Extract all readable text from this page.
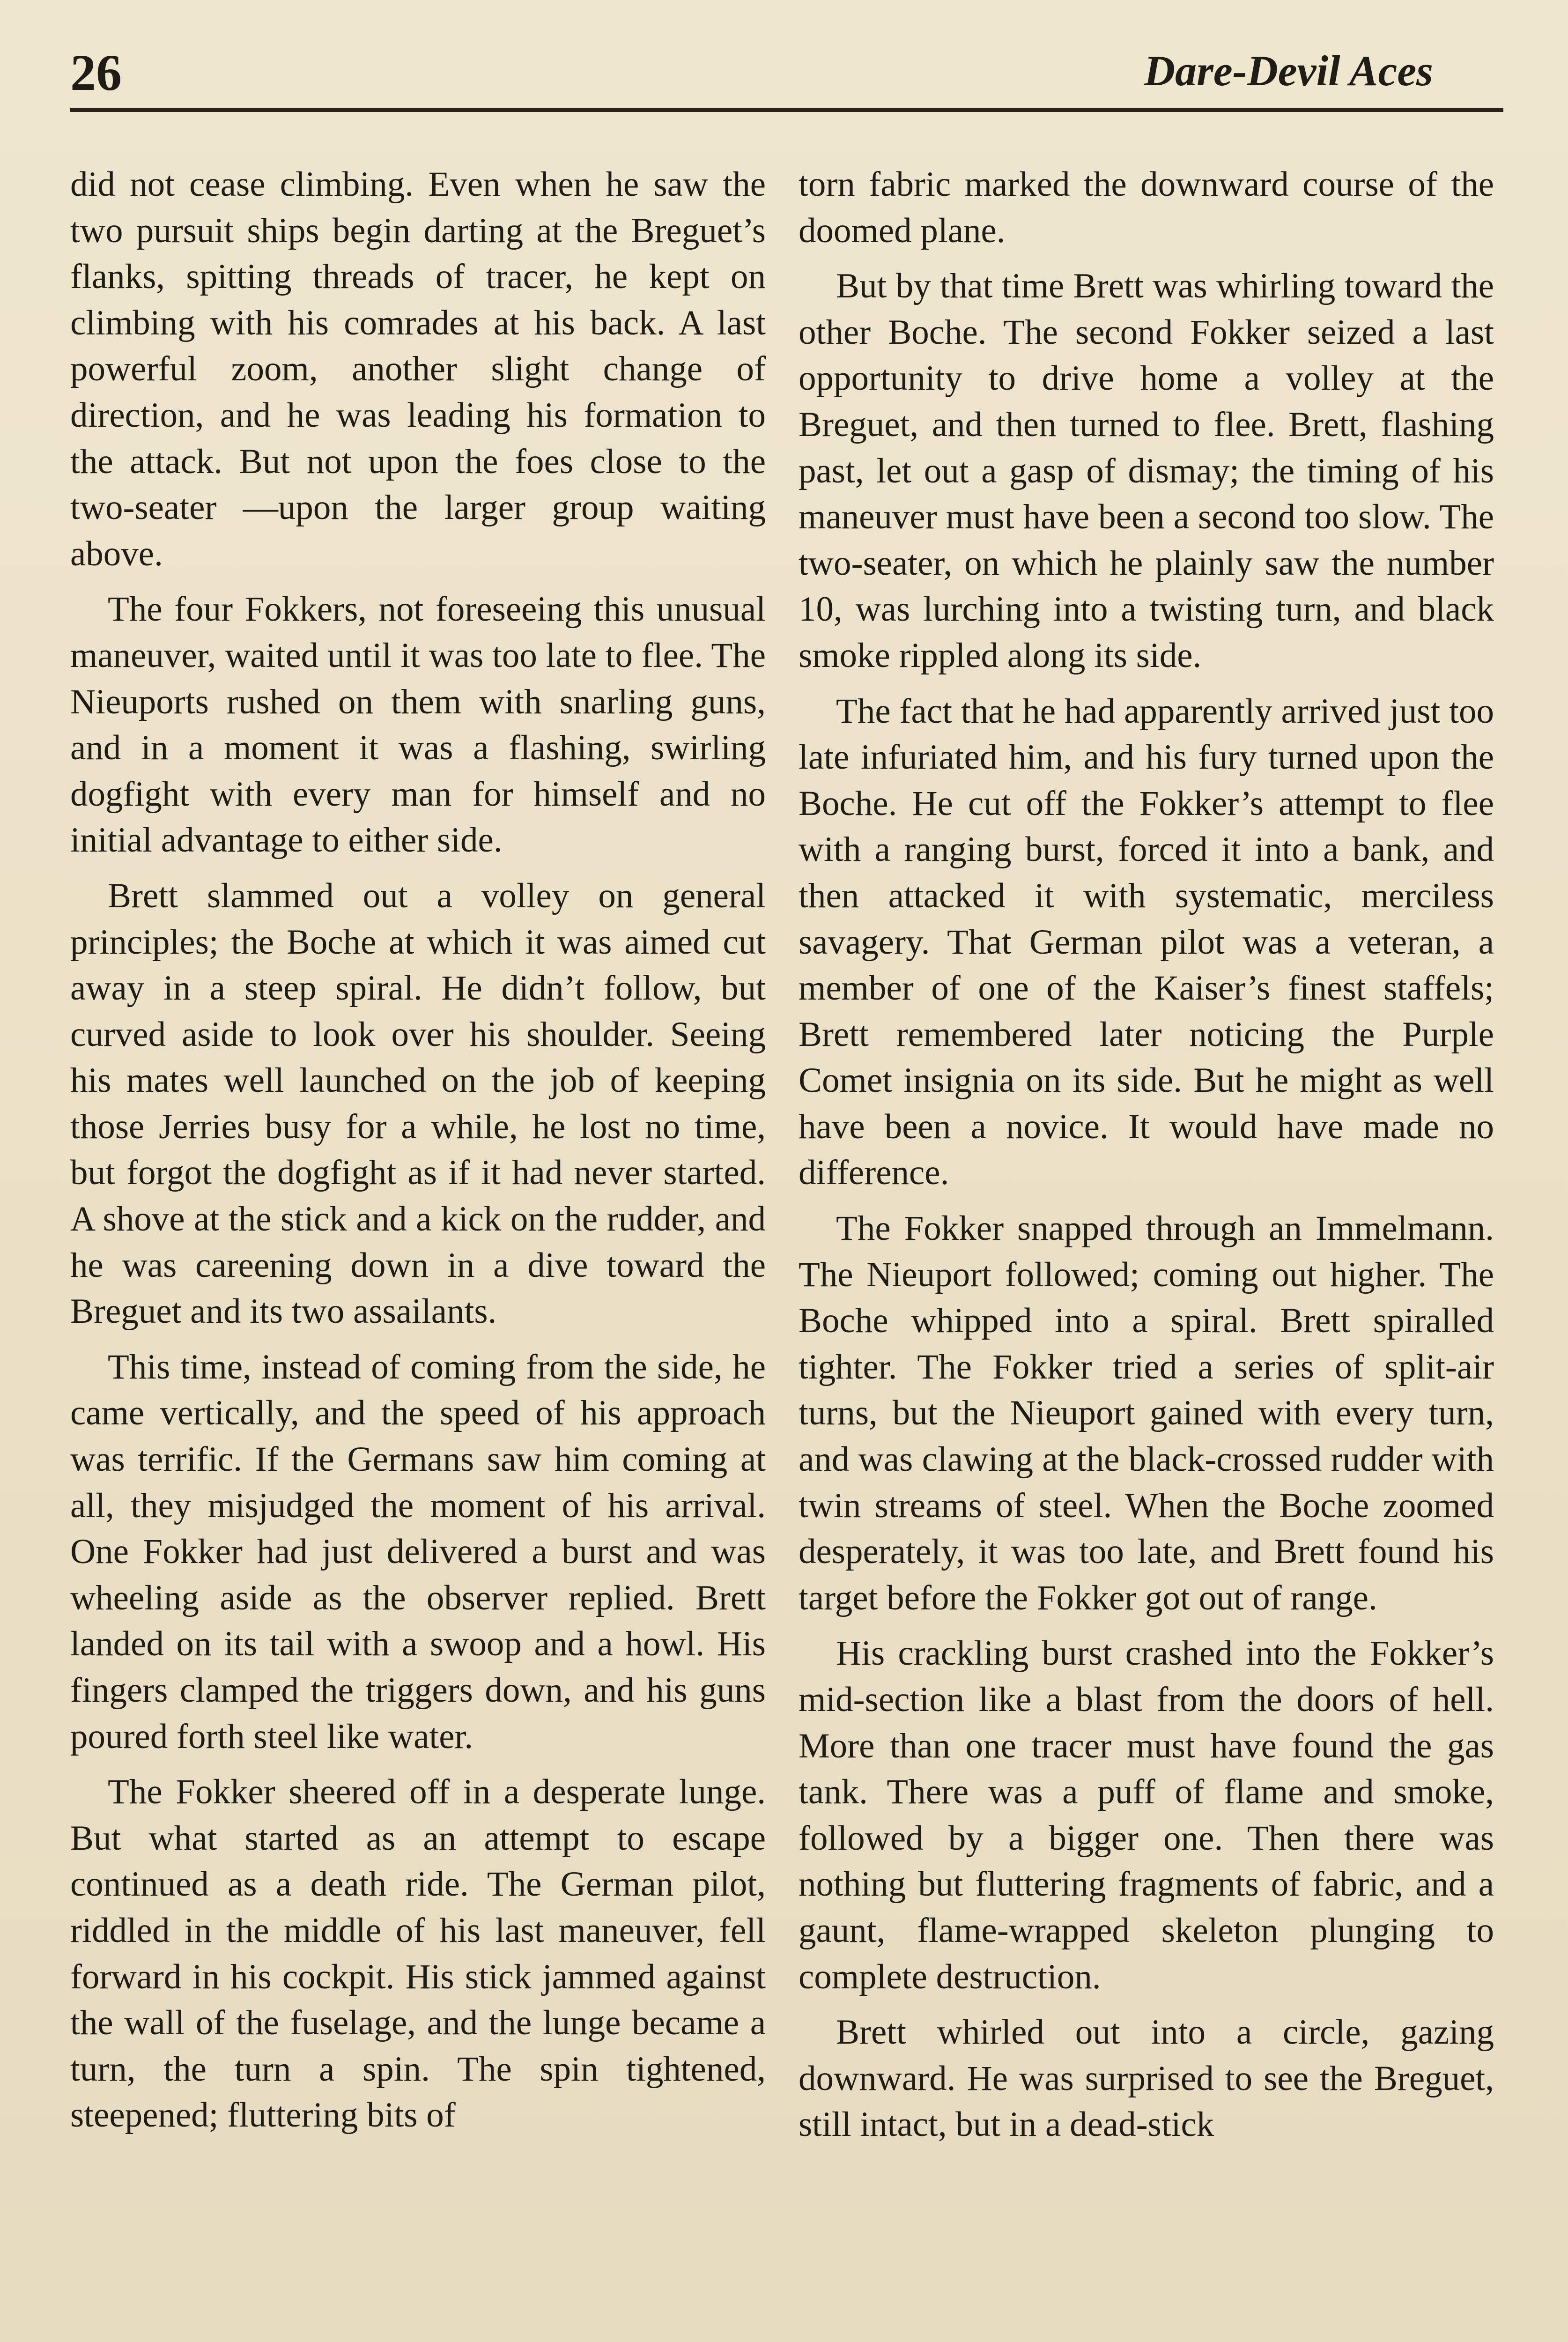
26	Dare-Devil Aces

did not cease climbing. Even when he saw the two pursuit ships begin darting at the Breguet’s flanks, spitting threads of tracer, he kept on climbing with his comrades at his back. A last powerful zoom, another slight change of direction, and he was leading his formation to the attack. But not upon the foes close to the two-seater —upon the larger group waiting above.

The four Fokkers, not foreseeing this unusual maneuver, waited until it was too late to flee. The Nieuports rushed on them with snarling guns, and in a moment it was a flashing, swirling dogfight with every man for himself and no initial advantage to either side.

Brett slammed out a volley on general principles; the Boche at which it was aimed cut away in a steep spiral. He didn’t follow, but curved aside to look over his shoulder. Seeing his mates well launched on the job of keeping those Jerries busy for a while, he lost no time, but forgot the dogfight as if it had never started. A shove at the stick and a kick on the rudder, and he was careening down in a dive toward the Breguet and its two assailants.

This time, instead of coming from the side, he came vertically, and the speed of his approach was terrific. If the Germans saw him coming at all, they misjudged the moment of his arrival. One Fokker had just delivered a burst and was wheeling aside as the observer replied. Brett landed on its tail with a swoop and a howl. His fingers clamped the triggers down, and his guns poured forth steel like water.

The Fokker sheered off in a desperate lunge. But what started as an attempt to escape continued as a death ride. The German pilot, riddled in the middle of his last maneuver, fell forward in his cockpit. His stick jammed against the wall of the fuselage, and the lunge became a turn, the turn a spin. The spin tightened, steepened; fluttering bits of

torn fabric marked the downward course of the doomed plane.

But by that time Brett was whirling toward the other Boche. The second Fokker seized a last opportunity to drive home a volley at the Breguet, and then turned to flee. Brett, flashing past, let out a gasp of dismay; the timing of his maneuver must have been a second too slow. The two-seater, on which he plainly saw the number 10, was lurching into a twisting turn, and black smoke rippled along its side.

The fact that he had apparently arrived just too late infuriated him, and his fury turned upon the Boche. He cut off the Fokker’s attempt to flee with a ranging burst, forced it into a bank, and then attacked it with systematic, merciless savagery. That German pilot was a veteran, a member of one of the Kaiser’s finest staffels; Brett remembered later noticing the Purple Comet insignia on its side. But he might as well have been a novice. It would have made no difference.

The Fokker snapped through an Immelmann. The Nieuport followed; coming out higher. The Boche whipped into a spiral. Brett spiralled tighter. The Fokker tried a series of split-air turns, but the Nieuport gained with every turn, and was clawing at the black-crossed rudder with twin streams of steel. When the Boche zoomed desperately, it was too late, and Brett found his target before the Fokker got out of range.

His crackling burst crashed into the Fokker’s mid-section like a blast from the doors of hell. More than one tracer must have found the gas tank. There was a puff of flame and smoke, followed by a bigger one. Then there was nothing but fluttering fragments of fabric, and a gaunt, flame-wrapped skeleton plunging to complete destruction.

Brett whirled out into a circle, gazing downward. He was surprised to see the Breguet, still intact, but in a dead-stick
